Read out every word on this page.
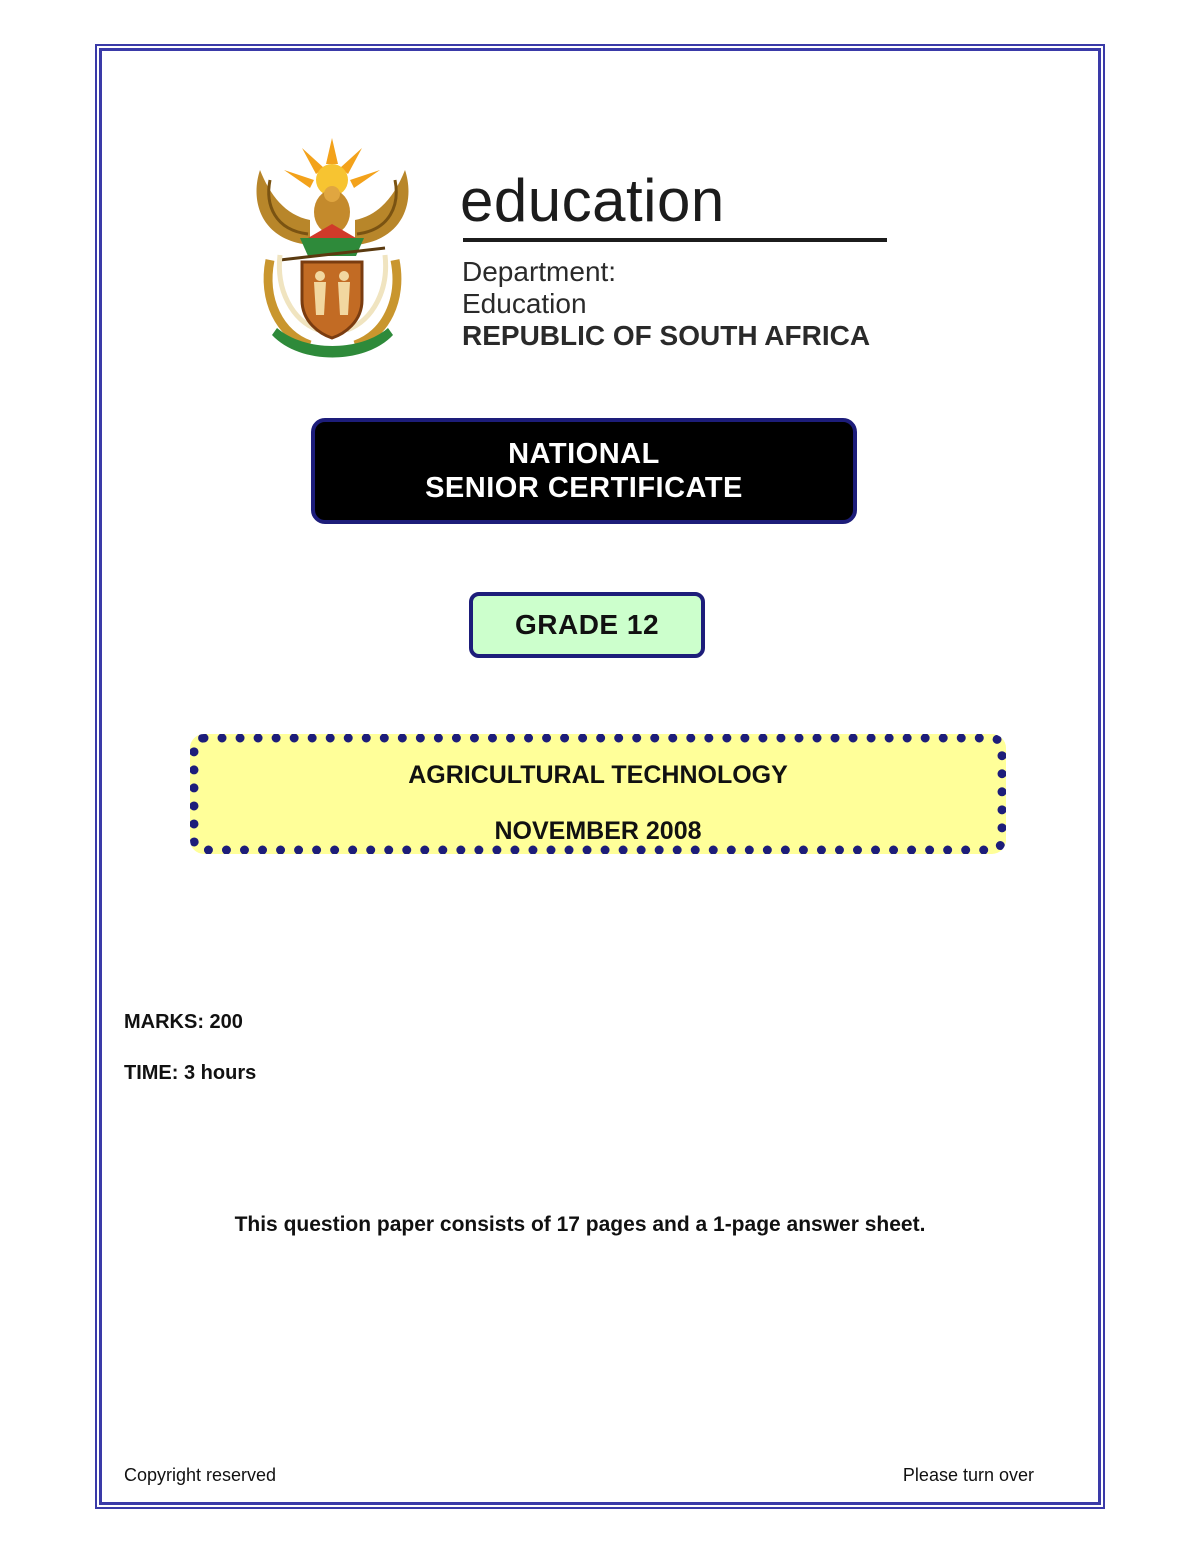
education
Department:
Education
REPUBLIC OF SOUTH AFRICA
NATIONAL
SENIOR CERTIFICATE
GRADE 12
AGRICULTURAL TECHNOLOGY
NOVEMBER 2008
MARKS: 200
TIME: 3 hours
This question paper consists of 17 pages and a 1-page answer sheet.
Copyright reserved	Please turn over
